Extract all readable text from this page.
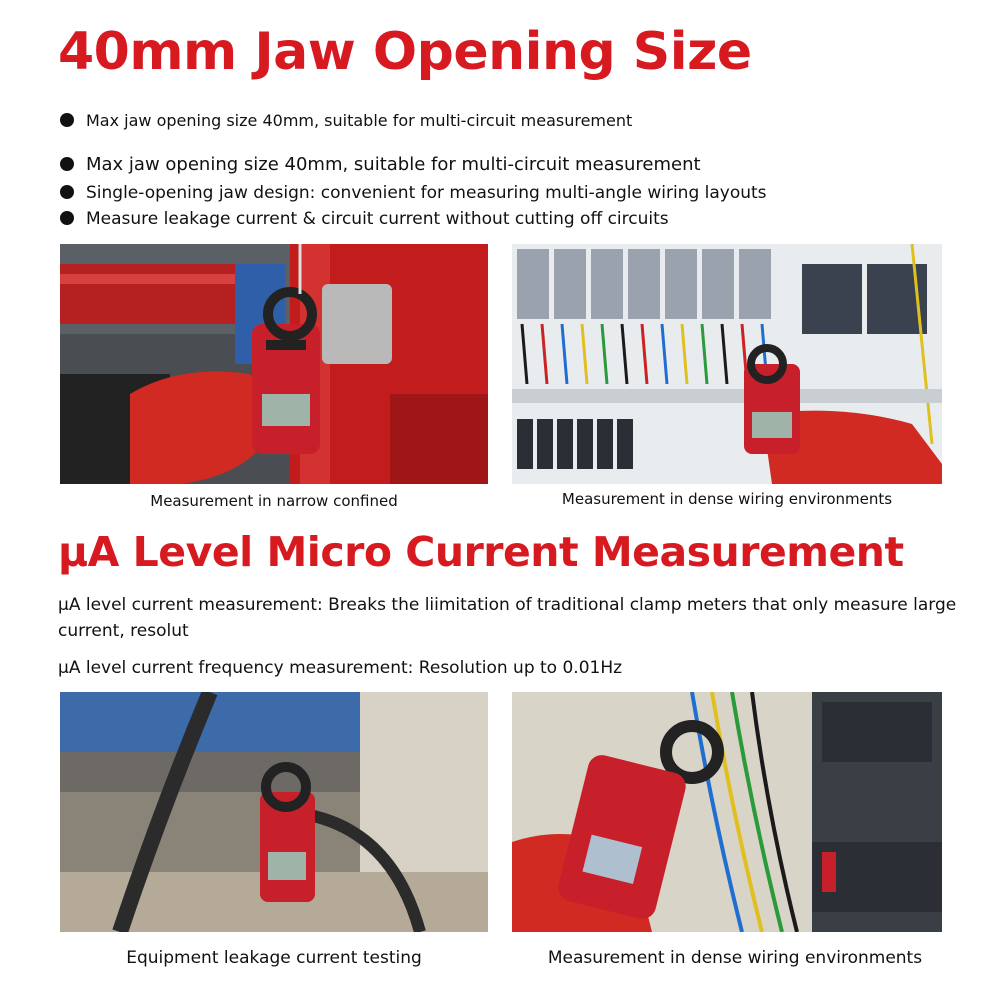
40mm Jaw Opening Size
Max jaw opening size 40mm, suitable for multi-circuit measurement
Max jaw opening size 40mm, suitable for multi-circuit measurement
Single-opening jaw design: convenient for measuring multi-angle wiring layouts
Measure leakage current & circuit current without cutting off circuits
μA Level Micro Current Measurement
μA level current measurement: Breaks the liimitation of traditional clamp meters that only measure large current, resolut
μA level current frequency measurement: Resolution up to 0.01Hz
Measurement in narrow confined	Measurement in dense wiring environments
Equipment leakage current testing	Measurement in dense wiring environments
